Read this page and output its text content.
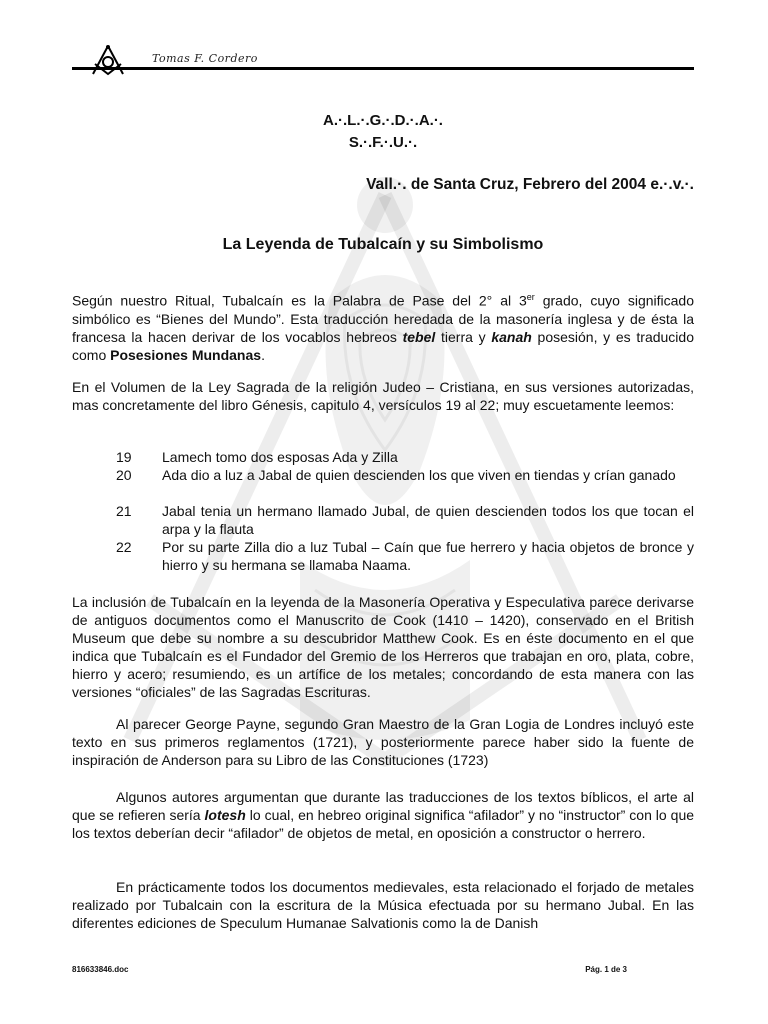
Tomas F. Cordero
A.·.L.·.G.·.D.·.A.·.
S.·.F.·.U.·.
Vall.·. de Santa Cruz, Febrero del 2004 e.·.v.·.
La Leyenda de Tubalcaín y su Simbolismo
Según nuestro Ritual, Tubalcaín es la Palabra de Pase del 2° al 3er grado, cuyo significado simbólico es “Bienes del Mundo”. Esta traducción heredada de la masonería inglesa y de ésta la francesa la hacen derivar de los vocablos hebreos tebel tierra y kanah posesión, y es traducido como Posesiones Mundanas.
En el Volumen de la Ley Sagrada de la religión Judeo – Cristiana, en sus versiones autorizadas, mas concretamente del libro Génesis, capitulo 4, versículos 19 al 22; muy escuetamente leemos:
19	Lamech tomo dos esposas Ada y Zilla
20	Ada dio a luz a Jabal de quien descienden los que viven en tiendas y crían ganado
21	Jabal tenia un hermano llamado Jubal, de quien descienden todos los que tocan el arpa y la flauta
22	Por su parte Zilla dio a luz Tubal – Caín que fue herrero y hacia objetos de bronce y hierro y su hermana se llamaba Naama.
La inclusión de Tubalcaín en la leyenda de la Masonería Operativa y Especulativa parece derivarse de antiguos documentos como el Manuscrito de Cook (1410 – 1420), conservado en el British Museum que debe su nombre a su descubridor Matthew Cook. Es en éste documento en el que indica que Tubalcaín es el Fundador del Gremio de los Herreros que trabajan en oro, plata, cobre, hierro y acero; resumiendo, es un artífice de los metales; concordando de esta manera con las versiones “oficiales” de las Sagradas Escrituras.
Al parecer George Payne, segundo Gran Maestro de la Gran Logia de Londres incluyó este texto en sus primeros reglamentos (1721), y posteriormente parece haber sido la fuente de inspiración de Anderson para su Libro de las Constituciones (1723)
Algunos autores argumentan que durante las traducciones de los textos bíblicos, el arte al que se refieren sería lotesh lo cual, en hebreo original significa “afilador” y no “instructor” con lo que los textos deberían decir “afilador” de objetos de metal, en oposición a constructor o herrero.
En prácticamente todos los documentos medievales, esta relacionado el forjado de metales realizado por Tubalcain con la escritura de la Música efectuada por su hermano Jubal. En las diferentes ediciones de Speculum Humanae Salvationis como la de Danish
816633846.doc	Pág. 1 de 3
